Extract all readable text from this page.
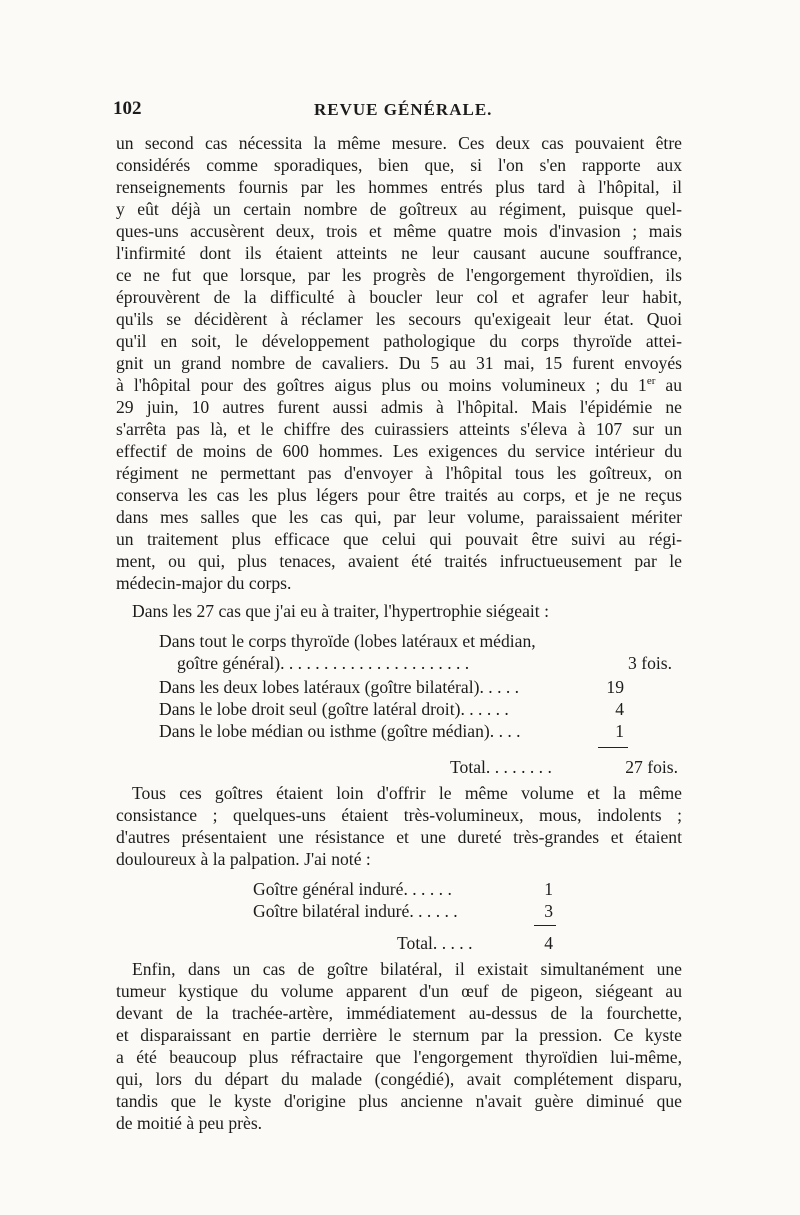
102	REVUE GÉNÉRALE.
un second cas nécessita la même mesure. Ces deux cas pouvaient être
considérés comme sporadiques, bien que, si l'on s'en rapporte aux
renseignements fournis par les hommes entrés plus tard à l'hôpital, il
y eût déjà un certain nombre de goîtreux au régiment, puisque quel-
ques-uns accusèrent deux, trois et même quatre mois d'invasion ; mais
l'infirmité dont ils étaient atteints ne leur causant aucune souffrance,
ce ne fut que lorsque, par les progrès de l'engorgement thyroïdien, ils
éprouvèrent de la difficulté à boucler leur col et agrafer leur habit,
qu'ils se décidèrent à réclamer les secours qu'exigeait leur état. Quoi
qu'il en soit, le développement pathologique du corps thyroïde attei-
gnit un grand nombre de cavaliers. Du 5 au 31 mai, 15 furent envoyés
à l'hôpital pour des goîtres aigus plus ou moins volumineux ; du 1er au
29 juin, 10 autres furent aussi admis à l'hôpital. Mais l'épidémie ne
s'arrêta pas là, et le chiffre des cuirassiers atteints s'éleva à 107 sur un
effectif de moins de 600 hommes. Les exigences du service intérieur du
régiment ne permettant pas d'envoyer à l'hôpital tous les goîtreux, on
conserva les cas les plus légers pour être traités au corps, et je ne reçus
dans mes salles que les cas qui, par leur volume, paraissaient mériter
un traitement plus efficace que celui qui pouvait être suivi au régi-
ment, ou qui, plus tenaces, avaient été traités infructueusement par le
médecin-major du corps.
Dans les 27 cas que j'ai eu à traiter, l'hypertrophie siégeait :
Dans tout le corps thyroïde (lobes latéraux et médian,
goître général). . . . . . . . . . . . . . . . . . . . . .	3 fois.
Dans les deux lobes latéraux (goître bilatéral). . . . .	19
Dans le lobe droit seul (goître latéral droit). . . . . .	4
Dans le lobe médian ou isthme (goître médian). . . .	1
Total. . . . . . . .	27 fois.
Tous ces goîtres étaient loin d'offrir le même volume et la même
consistance ; quelques-uns étaient très-volumineux, mous, indolents ;
d'autres présentaient une résistance et une dureté très-grandes et étaient
douloureux à la palpation. J'ai noté :
Goître général induré. . . . . .	1
Goître bilatéral induré. . . . . .	3
Total. . . . .	4
Enfin, dans un cas de goître bilatéral, il existait simultanément une
tumeur kystique du volume apparent d'un œuf de pigeon, siégeant au
devant de la trachée-artère, immédiatement au-dessus de la fourchette,
et disparaissant en partie derrière le sternum par la pression. Ce kyste
a été beaucoup plus réfractaire que l'engorgement thyroïdien lui-même,
qui, lors du départ du malade (congédié), avait complétement disparu,
tandis que le kyste d'origine plus ancienne n'avait guère diminué que
de moitié à peu près.
